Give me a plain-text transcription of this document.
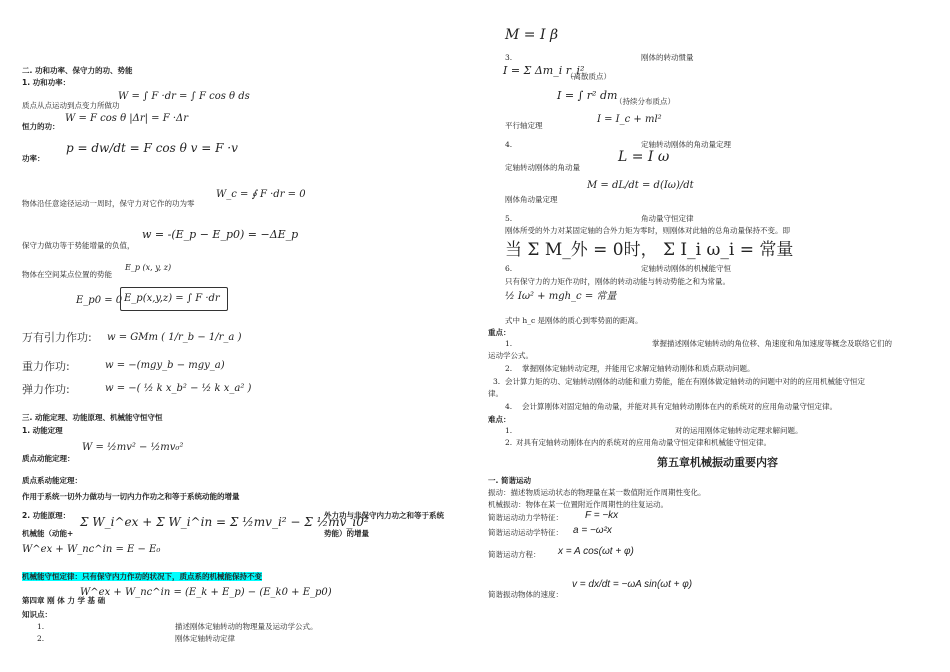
二. 功和功率、保守力的功、势能
1. 功和功率：
质点从点运动到点变力所做功
W = ∫ F ·dr = ∫ F cos θ ds
恒力的功：
W = F cos θ |Δr| = F ·Δr
功率：
p = dw/dt = F cos θ v = F ·v
物体沿任意途径运动一周时，保守力对它作的功为零
W_c = ∮ F ·dr = 0
保守力做功等于势能增量的负值，
w = -(E_p − E_p0) = −ΔE_p
物体在空间某点位置的势能
E_p (x, y, z)
E_p0 = 0 E_p(x,y,z) = ∫ F ·dr
万有引力作功: w = GMm ( 1/r_b − 1/r_a )
重力作功:	w = −(mgy_b − mgy_a)
弹力作功:	w = −( ½ k x_b² − ½ k x_a² )
三. 动能定理、功能原理、机械能守恒守恒
1. 动能定理
质点动能定理：
W = ½mv² − ½mv₀²
质点系动能定理：
作用于系统一切外力做功与一切内力作功之和等于系统动能的增量
2. 功能原理：
机械能（动能+
Σ W_i^ex + Σ W_i^in = Σ ½mv_i² − Σ ½mv_i0²
外力功与非保守内力功之和等于系统
势能）的增量
W^ex + W_nc^in = E − E₀
机械能守恒定律：只有保守内力作功的状况下，质点系的机械能保持不变
第四章 刚 体 力 学 基 础
W^ex + W_nc^in = (E_k + E_p) − (E_k0 + E_p0)
知识点：
1.	描述刚体定轴转动的物理量及运动学公式。
2.	刚体定轴转动定律
M = I β
3.	刚体的转动惯量
I = Σ Δm_i r_i²
（离散质点）
I = ∫ r² dm
（持续分布质点）
平行轴定理
I = I_c + ml²
4.	定轴转动刚体的角动量定理
定轴转动刚体的角动量
L = I ω
刚体角动量定理
M = dL/dt = d(Iω)/dt
5.	角动量守恒定律
刚体所受的外力对某固定轴的合外力矩为零时，则刚体对此轴的总角动量保持不变。即
当 Σ M_外 = 0时， Σ I_i ω_i = 常量
6.	定轴转动刚体的机械能守恒
只有保守力的力矩作功时，刚体的转动动能与转动势能之和为常量。
½ Iω² + mgh_c = 常量
式中 h_c 是刚体的质心到零势面的距离。
重点：
1.	掌握描述刚体定轴转动的角位移、角速度和角加速度等概念及联络它们的
运动学公式。
2. 掌握刚体定轴转动定理，并能用它求解定轴转动刚体和质点联动问题。
3. 会计算力矩的功、定轴转动刚体的动能和重力势能，能在有刚体做定轴转动的问题中对的的应用机械能守恒定
律。
4. 会计算刚体对固定轴的角动量，并能对具有定轴转动刚体在内的系统对的应用角动量守恒定律。
难点：
1.	对的运用刚体定轴转动定理求解问题。
2. 对具有定轴转动刚体在内的系统对的应用角动量守恒定律和机械能守恒定律。
第五章机械振动重要内容
一. 简谐运动
振动：描述物质运动状态的物理量在某一数值附近作周期性变化。
机械振动：物体在某一位置附近作周期性的往复运动。
简谐运动动力学特征： F = −kx
简谐运动运动学特征： a = −ω²x
简谐运动方程： x = A cos(ωt + φ)
简谐振动物体的速度：
v = dx/dt = −ωA sin(ωt + φ)
